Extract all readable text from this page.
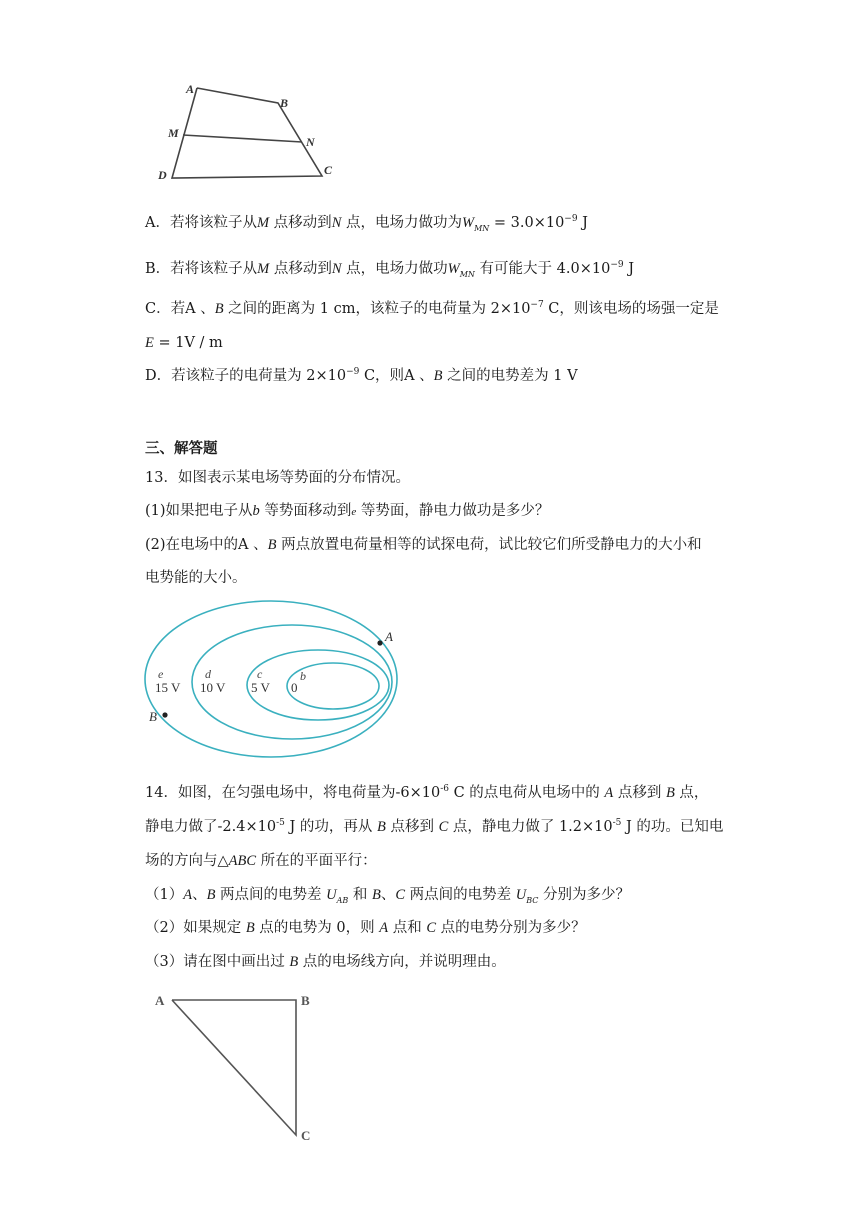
A
B
M
N
C
D
A．若将该粒子从M 点移动到N 点，电场力做功为$W_{MN} = 3.0\times 10^{-9}$ J
B．若将该粒子从M 点移动到N 点，电场力做功$W_{MN}$ 有可能大于 $4.0\times 10^{-9}$ J
C．若A 、B 之间的距离为 1 cm，该粒子的电荷量为 $2\times 10^{-7}$ C，则该电场的场强一定是
E = 1V / m
D．若该粒子的电荷量为 $2\times 10^{-9}$ C，则A 、B 之间的电势差为 1 V
三、解答题
13．如图表示某电场等势面的分布情况。
(1)如果把电子从b 等势面移动到e 等势面，静电力做功是多少？
(2)在电场中的A 、B 两点放置电荷量相等的试探电荷，试比较它们所受静电力的大小和
电势能的大小。
A
B
e
15 V
d
10 V
c
5 V
b
0
14．如图，在匀强电场中，将电荷量为$-6\times 10^{-6}$ C 的点电荷从电场中的 A 点移到 B 点，
静电力做了$-2.4\times 10^{-5}$ J 的功，再从 B 点移到 C 点，静电力做了 $1.2\times 10^{-5}$ J 的功。已知电
场的方向与△ABC 所在的平面平行：
（1）A、B 两点间的电势差 $U_{AB}$ 和 B、C 两点间的电势差 $U_{BC}$ 分别为多少？
（2）如果规定 B 点的电势为 0，则 A 点和 C 点的电势分别为多少？
（3）请在图中画出过 B 点的电场线方向，并说明理由。
A	B
C
